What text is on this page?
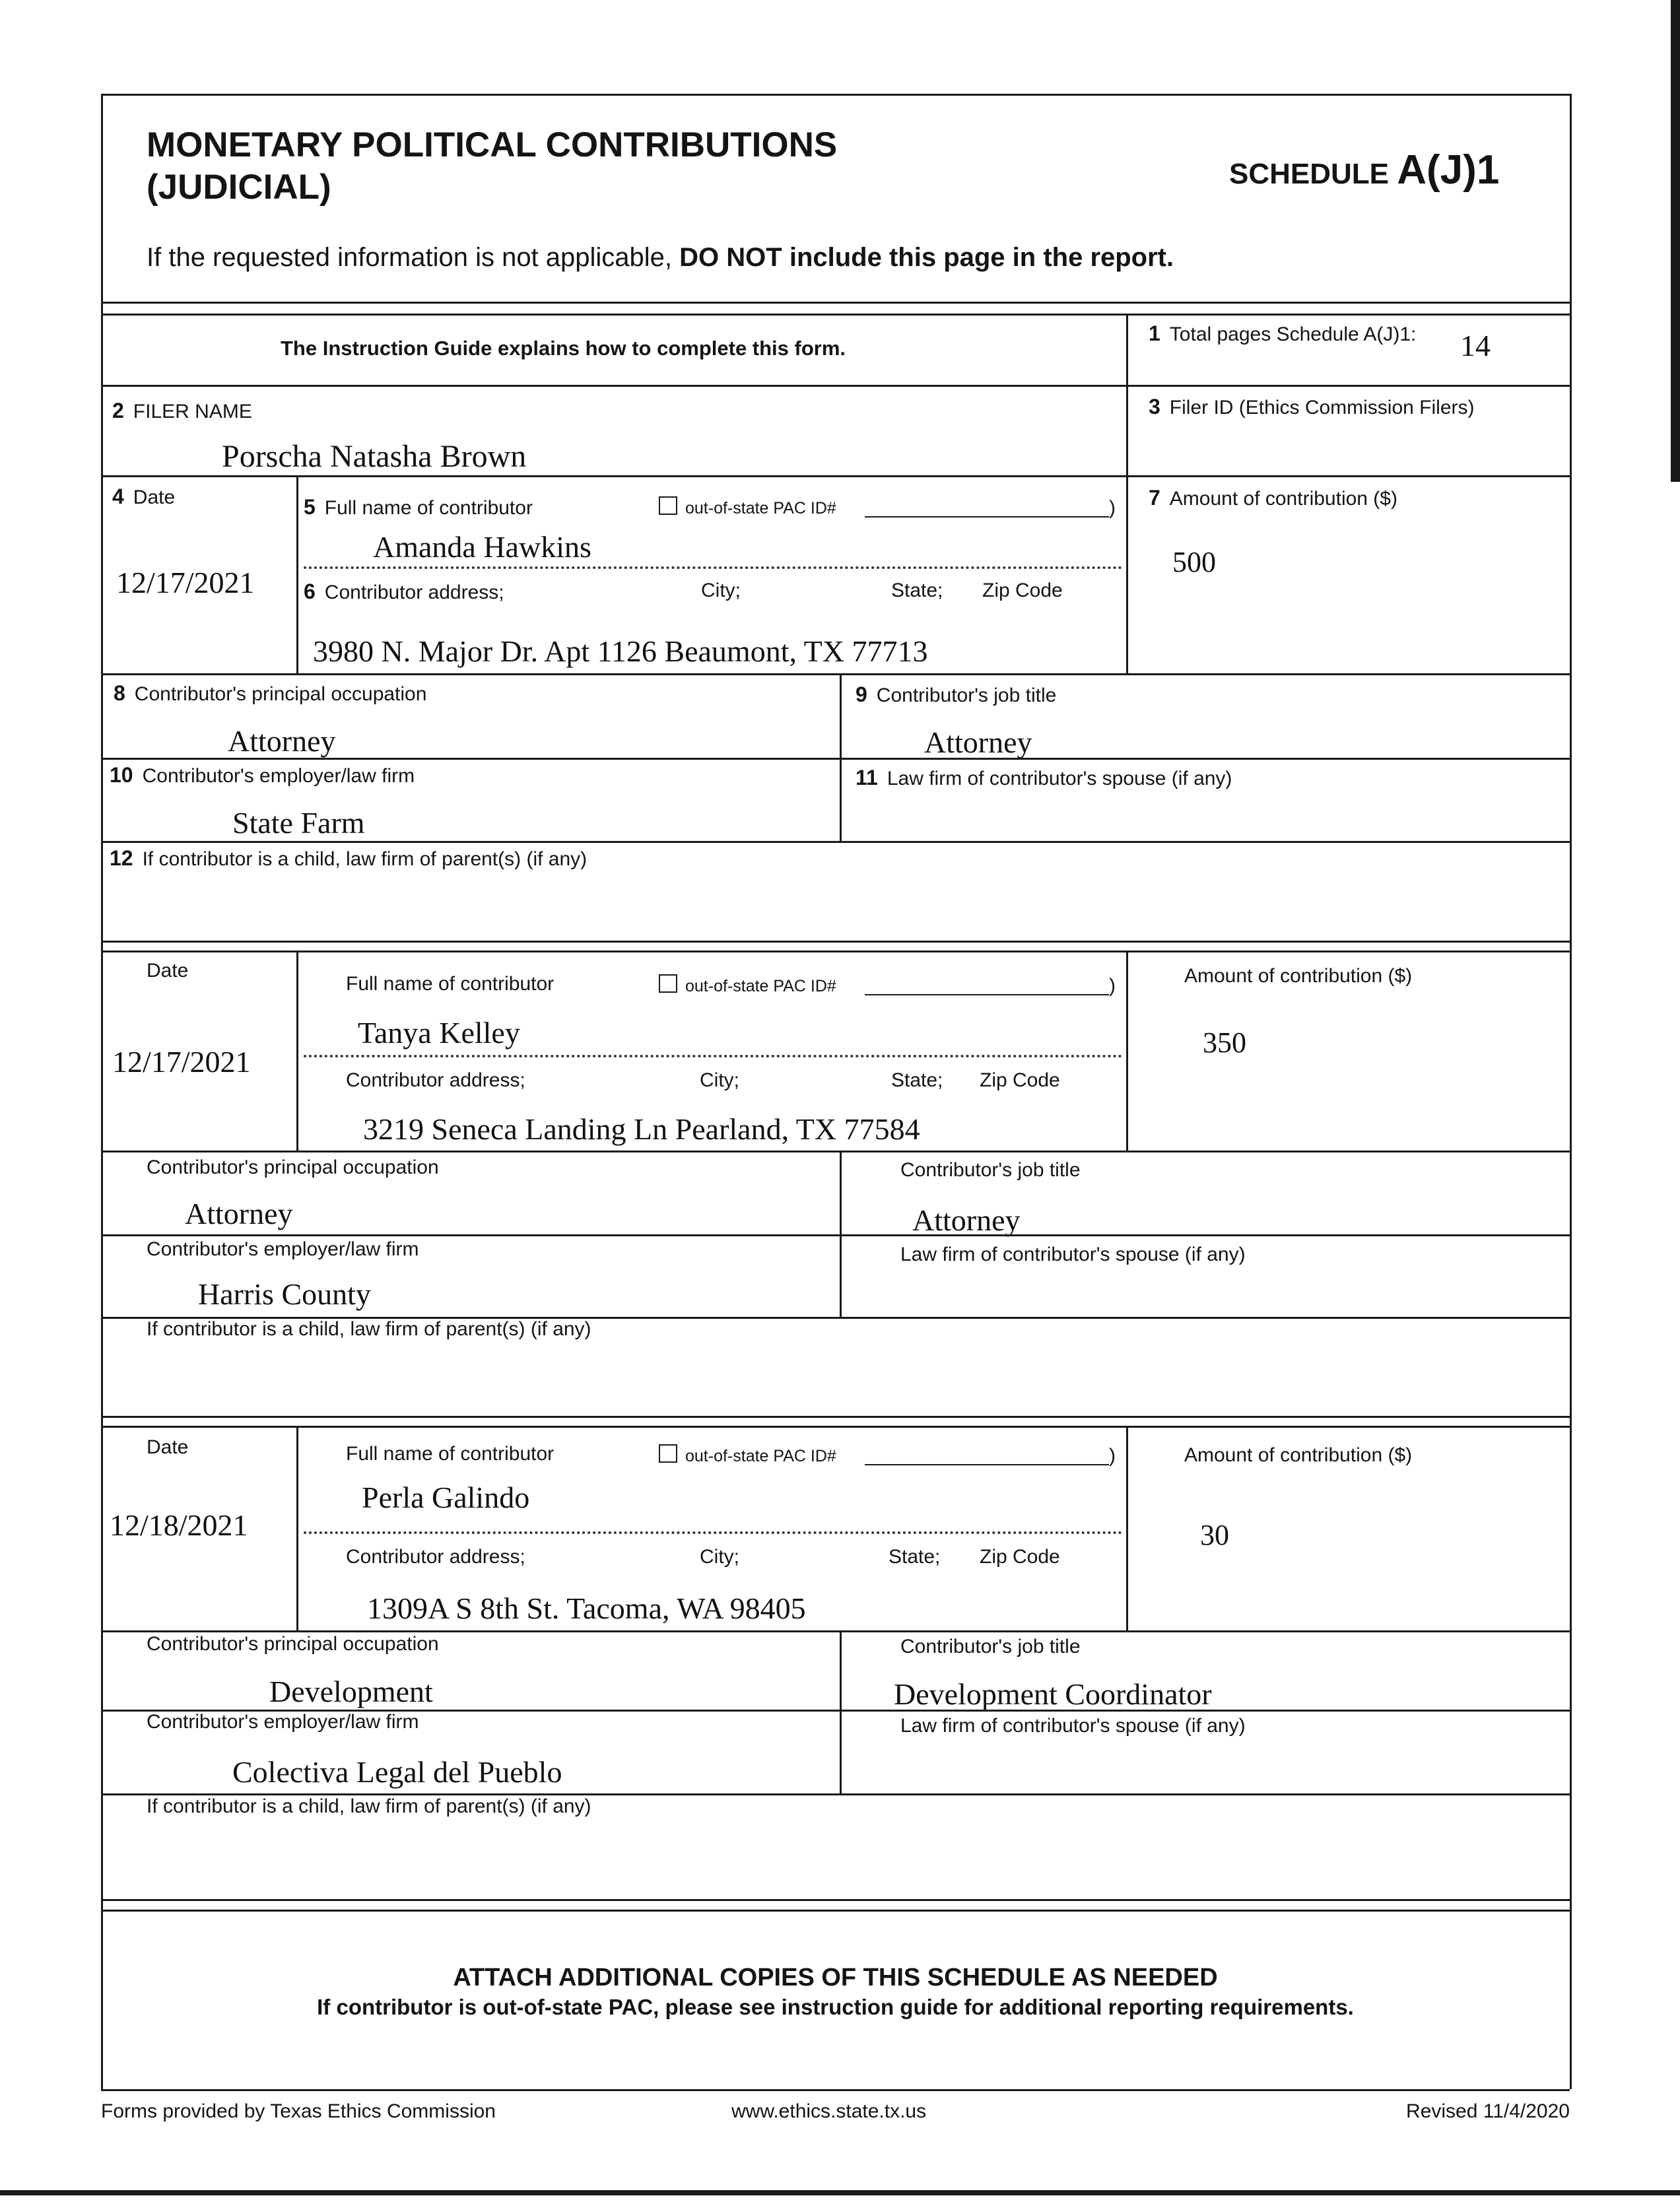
MONETARY POLITICAL CONTRIBUTIONS
(JUDICIAL)	SCHEDULE A(J)1
If the requested information is not applicable, DO NOT include this page in the report.
The Instruction Guide explains how to complete this form.
1 Total pages Schedule A(J)1: 14
2 FILER NAME
Porscha Natasha Brown
3 Filer ID (Ethics Commission Filers)
4 Date
12/17/2021
5 Full name of contributor	out-of-state PAC ID#	)
Amanda Hawkins
6 Contributor address;	City;	State; Zip Code
3980 N. Major Dr. Apt 1126 Beaumont, TX 77713
7 Amount of contribution ($)
500
8 Contributor's principal occupation
Attorney
9 Contributor's job title
Attorney
10 Contributor's employer/law firm
State Farm
11 Law firm of contributor's spouse (if any)
12 If contributor is a child, law firm of parent(s) (if any)
Date
12/17/2021
Full name of contributor	out-of-state PAC ID#	)
Tanya Kelley
Contributor address;	City;	State; Zip Code
3219 Seneca Landing Ln Pearland, TX 77584
Amount of contribution ($)
350
Contributor's principal occupation
Attorney
Contributor's job title
Attorney
Contributor's employer/law firm
Harris County
Law firm of contributor's spouse (if any)
If contributor is a child, law firm of parent(s) (if any)
Date
12/18/2021
Full name of contributor	out-of-state PAC ID#	)
Perla Galindo
Contributor address;	City;	State; Zip Code
1309A S 8th St. Tacoma, WA 98405
Amount of contribution ($)
30
Contributor's principal occupation
Development
Contributor's job title
Development Coordinator
Contributor's employer/law firm
Colectiva Legal del Pueblo
Law firm of contributor's spouse (if any)
If contributor is a child, law firm of parent(s) (if any)
ATTACH ADDITIONAL COPIES OF THIS SCHEDULE AS NEEDED
If contributor is out-of-state PAC, please see instruction guide for additional reporting requirements.
Forms provided by Texas Ethics Commission	www.ethics.state.tx.us	Revised 11/4/2020
